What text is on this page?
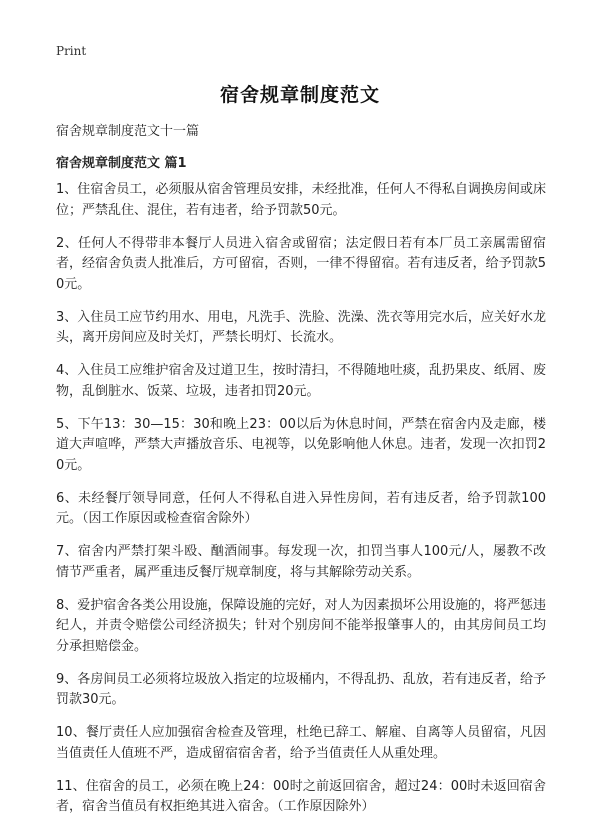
Print
宿舍规章制度范文

宿舍规章制度范文十一篇

宿舍规章制度范文 篇1

1、住宿舍员工，必须服从宿舍管理员安排，未经批准，任何人不得私自调换房间或床位；严禁乱住、混住，若有违者，给予罚款50元。
2、任何人不得带非本餐厅人员进入宿舍或留宿；法定假日若有本厂员工亲属需留宿者，经宿舍负责人批准后，方可留宿，否则，一律不得留宿。若有违反者，给予罚款50元。
3、入住员工应节约用水、用电，凡洗手、洗脸、洗澡、洗衣等用完水后，应关好水龙头，离开房间应及时关灯，严禁长明灯、长流水。
4、入住员工应维护宿舍及过道卫生，按时清扫，不得随地吐痰，乱扔果皮、纸屑、废物，乱倒脏水、饭菜、垃圾，违者扣罚20元。
5、下午13：30—15：30和晚上23：00以后为休息时间，严禁在宿舍内及走廊，楼道大声喧哗，严禁大声播放音乐、电视等，以免影响他人休息。违者，发现一次扣罚20元。
6、未经餐厅领导同意，任何人不得私自进入异性房间，若有违反者，给予罚款100元。（因工作原因或检查宿舍除外）
7、宿舍内严禁打架斗殴、酗酒闹事。每发现一次，扣罚当事人100元/人，屡教不改情节严重者，属严重违反餐厅规章制度，将与其解除劳动关系。
8、爱护宿舍各类公用设施，保障设施的完好，对人为因素损坏公用设施的，将严惩违纪人，并责令赔偿公司经济损失；针对个别房间不能举报肇事人的，由其房间员工均分承担赔偿金。
9、各房间员工必须将垃圾放入指定的垃圾桶内，不得乱扔、乱放，若有违反者，给予罚款30元。
10、餐厅责任人应加强宿舍检查及管理，杜绝已辞工、解雇、自离等人员留宿，凡因当值责任人值班不严，造成留宿宿舍者，给予当值责任人从重处理。
11、住宿舍的员工，必须在晚上24：00时之前返回宿舍，超过24：00时未返回宿舍者，宿舍当值员有权拒绝其进入宿舍。（工作原因除外）
